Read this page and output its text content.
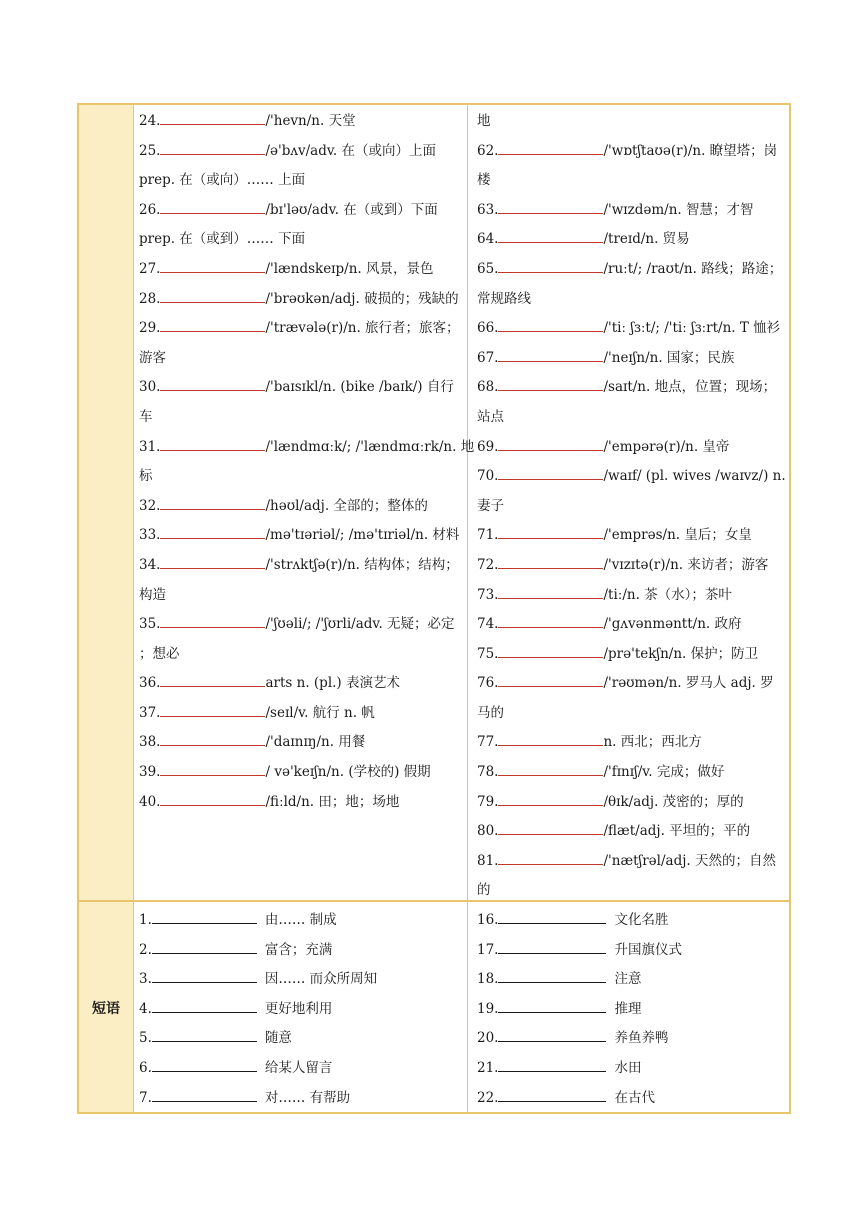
短语
24.	/'hevn/n. 天堂
25.	/ə'bʌv/adv. 在（或向）上面
prep. 在（或向）…… 上面
26.	/bɪ'ləʊ/adv. 在（或到）下面
prep. 在（或到）…… 下面
27.	/'lændskeɪp/n. 风景，景色
28.	/'brəʊkən/adj. 破损的；残缺的
29.	/'trævələ(r)/n. 旅行者；旅客；
游客
30.	/'baɪsɪkl/n. (bike /baɪk/) 自行
车
31.	/'lændmɑːk/; /'lændmɑːrk/n. 地
标
32.	/həʊl/adj. 全部的；整体的
33.	/mə'tɪəriəl/; /mə'tɪriəl/n. 材料
34.	/'strʌktʃə(r)/n. 结构体；结构；
构造
35.	/'ʃʊəli/; /'ʃʊrli/adv. 无疑；必定
；想必
36.	arts n. (pl.) 表演艺术
37.	/seɪl/v. 航行 n. 帆
38.	/'daɪnɪŋ/n. 用餐
39.	/ və'keɪʃn/n. (学校的) 假期
40.	/fiːld/n. 田；地；场地
地
62.	/'wɒtʃtaʊə(r)/n. 瞭望塔；岗
楼
63.	/'wɪzdəm/n. 智慧；才智
64.	/treɪd/n. 贸易
65.	/ruːt/; /raʊt/n. 路线；路途；
常规路线
66.	/'tiː ʃɜːt/; /'tiː ʃɜːrt/n. T 恤衫
67.	/'neɪʃn/n. 国家；民族
68.	/saɪt/n. 地点，位置；现场；
站点
69.	/'empərə(r)/n. 皇帝
70.	/waɪf/ (pl. wives /waɪvz/) n.
妻子
71.	/'emprəs/n. 皇后；女皇
72.	/'vɪzɪtə(r)/n. 来访者；游客
73.	/tiː/n. 茶（水）；茶叶
74.	/'gʌvənməntt/n. 政府
75.	/prə'tekʃn/n. 保护；防卫
76.	/'rəʊmən/n. 罗马人 adj. 罗
马的
77.	n. 西北；西北方
78.	/'fɪnɪʃ/v. 完成；做好
79.	/θɪk/adj. 茂密的；厚的
80.	/flæt/adj. 平坦的；平的
81.	/'nætʃrəl/adj. 天然的；自然
的
1.	由…… 制成
2.	富含；充满
3.	因…… 而众所周知
4.	更好地利用
5.	随意
6.	给某人留言
7.	对…… 有帮助
16.	文化名胜
17.	升国旗仪式
18.	注意
19.	推理
20.	养鱼养鸭
21.	水田
22.	在古代
